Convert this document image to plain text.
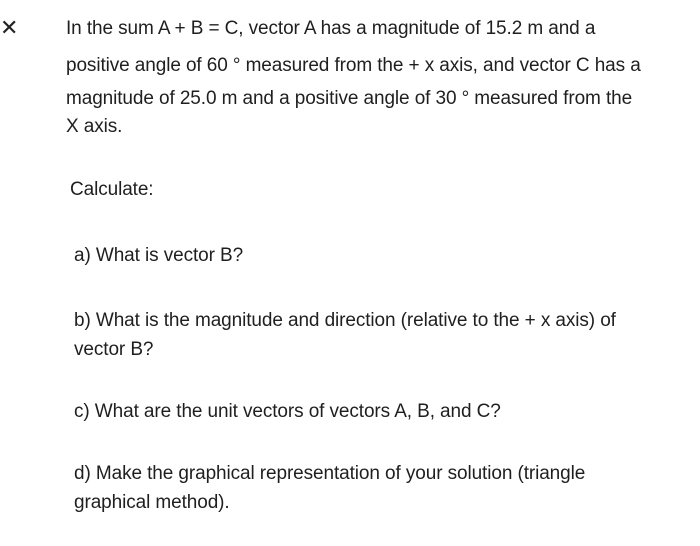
✕	In the sum A + B = C, vector A has a magnitude of 15.2 m and a
positive angle of 60 ° measured from the + x axis, and vector C has a
magnitude of 25.0 m and a positive angle of 30 ° measured from the
X axis.
Calculate:
a) What is vector B?
b) What is the magnitude and direction (relative to the + x axis) of
vector B?
c) What are the unit vectors of vectors A, B, and C?
d) Make the graphical representation of your solution (triangle
graphical method).
